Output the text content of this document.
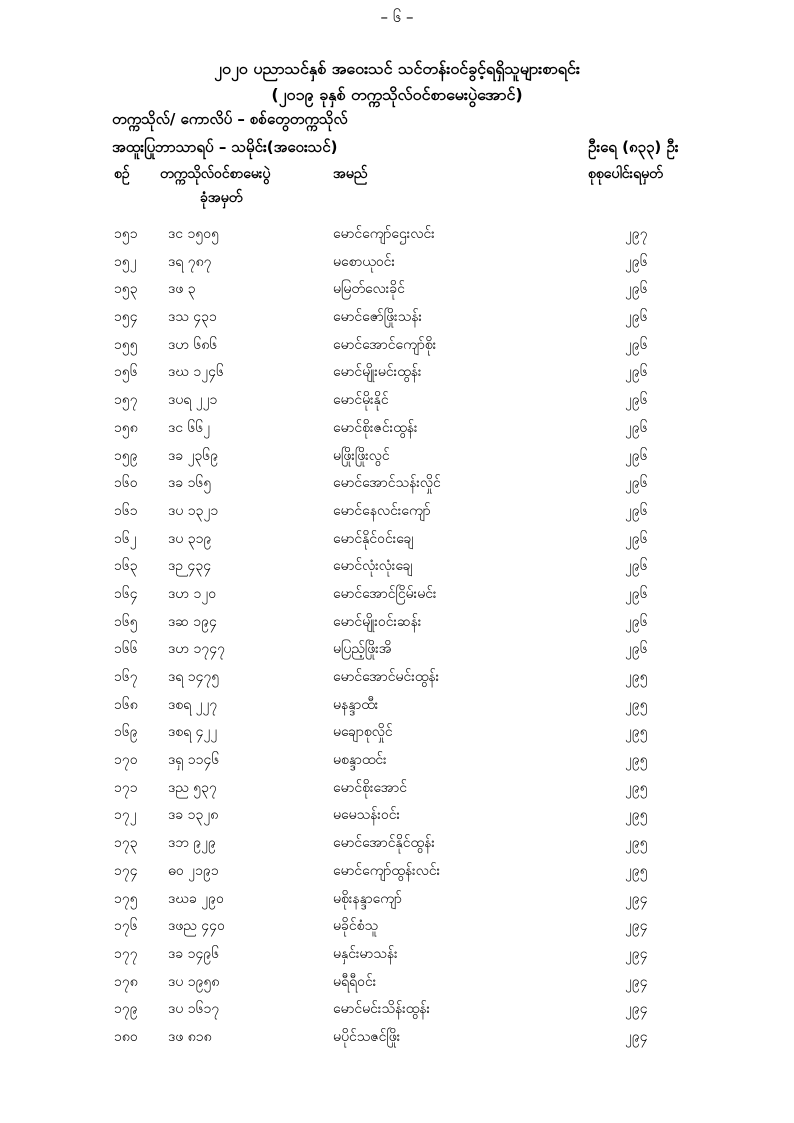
– ၆ –
၂၀၂၀ ပညာသင်နှစ် အဝေးသင် သင်တန်းဝင်ခွင့်ရရှိသူများစာရင်း
(၂၀၁၉ ခုနှစ် တက္ကသိုလ်ဝင်စာမေးပွဲအောင်)
တက္ကသိုလ်/ ကောလိပ် – စစ်တွေတက္ကသိုလ်
အထူးပြုဘာသာရပ် – သမိုင်း(အဝေးသင်)	ဦးရေ (၈၃၃) ဦး
စဉ် တက္ကသိုလ်ဝင်စာမေးပွဲ
ခုံအမှတ်
အမည်	စုစုပေါင်းရမှတ်
၁၅၁ ဒင ၁၅၀၅	မောင်ကျော်ဌေးလင်း	၂၉၇
၁၅၂ ဒရ ၇၈၇	မစောယုဝင်း	၂၉၆
၁၅၃ ဒဖ ၃	မမြတ်လေးခိုင်	၂၉၆
၁၅၄ ဒသ ၄၃၁	မောင်ဇော်ဖြိုးသန်း	၂၉၆
၁၅၅ ဒဟ ၆၈၆	မောင်အောင်ကျော်စိုး	၂၉၆
၁၅၆ ဒဃ ၁၂၄၆	မောင်မျိုးမင်းထွန်း	၂၉၆
၁၅၇ ဒပရ ၂၂၁	မောင်မိုးနိုင်	၂၉၆
၁၅၈ ဒင ၆၆၂	မောင်စိုးဇင်းထွန်း	၂၉၆
၁၅၉ ဒခ ၂၃၆၉	မဖြိုးဖြိုးလွင်	၂၉၆
၁၆၀ ဒခ ၁၆၅	မောင်အောင်သန်းလှိုင်	၂၉၆
၁၆၁ ဒပ ၁၃၂၁	မောင်နေလင်းကျော်	၂၉၆
၁၆၂ ဒပ ၃၁၉	မောင်နိုင်ဝင်းချေ	၂၉၆
၁၆၃ ဒဉ ၄၃၄	မောင်လုံးလုံးချေ	၂၉၆
၁၆၄ ဒဟ ၁၂၀	မောင်အောင်ငြိမ်းမင်း	၂၉၆
၁၆၅ ဒဆ ၁၉၄	မောင်မျိုးဝင်းဆန်း	၂၉၆
၁၆၆ ဒဟ ၁၇၄၇	မပြည့်ဖြိုးအိ	၂၉၆
၁၆၇ ဒရ ၁၄၇၅	မောင်အောင်မင်းထွန်း	၂၉၅
၁၆၈ ဒစရ ၂၂၇	မနန္ဒာထီး	၂၉၅
၁၆၉ ဒစရ ၄၂၂	မချောစုလှိုင်	၂၉၅
၁၇၀ ဒရှ ၁၁၄၆	မစန္ဒာထင်း	၂၉၅
၁၇၁ ဒည ၅၃၇	မောင်စိုးအောင်	၂၉၅
၁၇၂ ဒခ ၁၃၂၈	မမေသန်းဝင်း	၂၉၅
၁၇၃ ဒဘ ၉၂၉	မောင်အောင်နိုင်ထွန်း	၂၉၅
၁၇၄ ဓဝ ၂၁၉၁	မောင်ကျော်ထွန်းလင်း	၂၉၅
၁၇၅ ဒဃခ ၂၉၀	မစိုးနန္ဒာကျော်	၂၉၄
၁၇၆ ဒဖည ၄၄၀	မခိုင်စံသူ	၂၉၄
၁၇၇ ဒခ ၁၄၉၆	မနှင်းမာသန်း	၂၉၄
၁၇၈ ဒပ ၁၉၅၈	မရီရီဝင်း	၂၉၄
၁၇၉ ဒပ ၁၆၁၇	မောင်မင်းသိန်းထွန်း	၂၉၄
၁၈၀ ဒဖ ၈၁၈	မပိုင်သဇင်ဖြိုး	၂၉၄
